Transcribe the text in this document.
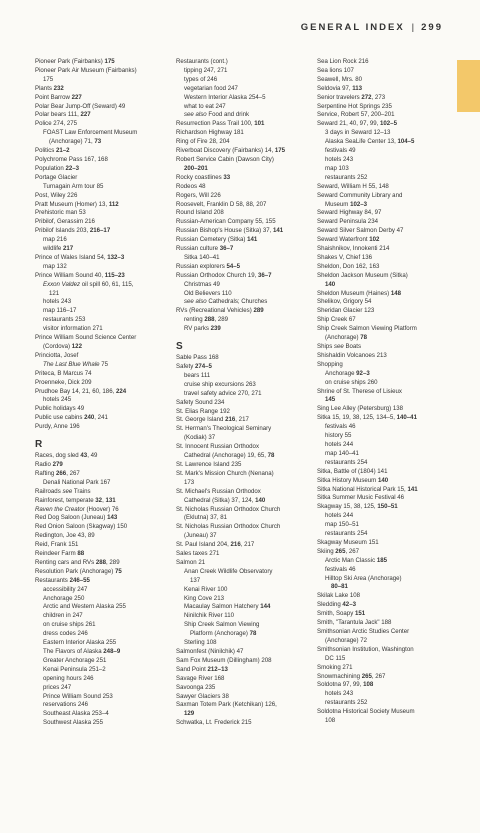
GENERAL INDEX | 299
Pioneer Park (Fairbanks) 175
Pioneer Park Air Museum (Fairbanks)
175
Plants 232
Point Barrow 227
Polar Bear Jump-Off (Seward) 49
Polar bears 111, 227
Police 274, 275
FOAST Law Enforcement Museum
(Anchorage) 71, 73
Politics 21–2
Polychrome Pass 167, 168
Population 22–3
Portage Glacier
Turnagain Arm tour 85
Post, Wiley 226
Pratt Museum (Homer) 13, 112
Prehistoric man 53
Pribilof, Gerassim 216
Pribilof Islands 203, 216–17
map 216
wildlife 217
Prince of Wales Island 54, 132–3
map 132
Prince William Sound 40, 115–23
Exxon Valdez oil spill 60, 61, 115,
121
hotels 243
map 116–17
restaurants 253
visitor information 271
Prince William Sound Science Center
(Cordova) 122
Princiotta, Josef
The Last Blue Whale 75
Priteca, B Marcus 74
Proenneke, Dick 209
Prudhoe Bay 14, 21, 60, 186, 224
hotels 245
Public holidays 49
Public use cabins 240, 241
Purdy, Anne 196
R
Races, dog sled 43, 49
Radio 279
Rafting 266, 267
Denali National Park 167
Railroads see Trains
Rainforest, temperate 32, 131
Raven the Creator (Hoover) 76
Red Dog Saloon (Juneau) 143
Red Onion Saloon (Skagway) 150
Redington, Joe 43, 89
Reid, Frank 151
Reindeer Farm 88
Renting cars and RVs 288, 289
Resolution Park (Anchorage) 75
Restaurants 246–55
accessibility 247
Anchorage 250
Arctic and Western Alaska 255
children in 247
on cruise ships 261
dress codes 246
Eastern Interior Alaska 255
The Flavors of Alaska 248–9
Greater Anchorage 251
Kenai Peninsula 251–2
opening hours 246
prices 247
Prince William Sound 253
reservations 246
Southeast Alaska 253–4
Southwest Alaska 255
Restaurants (cont.)
tipping 247, 271
types of 246
vegetarian food 247
Western Interior Alaska 254–5
what to eat 247
see also Food and drink
Resurrection Pass Trail 100, 101
Richardson Highway 181
Ring of Fire 28, 204
Riverboat Discovery (Fairbanks) 14, 175
Robert Service Cabin (Dawson City)
200–201
Rocky coastlines 33
Rodeos 48
Rogers, Will 226
Roosevelt, Franklin D 58, 88, 207
Round Island 208
Russian-American Company 55, 155
Russian Bishop's House (Sitka) 37, 141
Russian Cemetery (Sitka) 141
Russian culture 36–7
Sitka 140–41
Russian explorers 54–5
Russian Orthodox Church 19, 36–7
Christmas 49
Old Believers 110
see also Cathedrals; Churches
RVs (Recreational Vehicles) 289
renting 288, 289
RV parks 239
S
Sable Pass 168
Safety 274–5
bears 111
cruise ship excursions 263
travel safety advice 270, 271
Safety Sound 234
St. Elias Range 192
St. George Island 216, 217
St. Herman's Theological Seminary
(Kodiak) 37
St. Innocent Russian Orthodox
Cathedral (Anchorage) 19, 65, 78
St. Lawrence Island 235
St. Mark's Mission Church (Nenana)
173
St. Michael's Russian Orthodox
Cathedral (Sitka) 37, 124, 140
St. Nicholas Russian Orthodox Church
(Eklutna) 37, 81
St. Nicholas Russian Orthodox Church
(Juneau) 37
St. Paul Island 204, 216, 217
Sales taxes 271
Salmon 21
Anan Creek Wildlife Observatory
137
Kenai River 100
King Cove 213
Macaulay Salmon Hatchery 144
Ninilchik River 110
Ship Creek Salmon Viewing
Platform (Anchorage) 78
Sterling 108
Salmonfest (Ninilchik) 47
Sam Fox Museum (Dillingham) 208
Sand Point 212–13
Savage River 168
Savoonga 235
Sawyer Glaciers 38
Saxman Totem Park (Ketchikan) 126,
129
Schwatka, Lt. Frederick 215
Sea Lion Rock 216
Sea lions 107
Seawell, Mrs. 80
Seldovia 97, 113
Senior travelers 272, 273
Serpentine Hot Springs 235
Service, Robert 57, 200–201
Seward 21, 40, 97, 99, 102–5
3 days in Seward 12–13
Alaska SeaLife Center 13, 104–5
festivals 49
hotels 243
map 103
restaurants 252
Seward, William H 55, 148
Seward Community Library and
Museum 102–3
Seward Highway 84, 97
Seward Peninsula 234
Seward Silver Salmon Derby 47
Seward Waterfront 102
Shaishnikov, Innokenti 214
Shakes V, Chief 136
Sheldon, Don 162, 163
Sheldon Jackson Museum (Sitka)
140
Sheldon Museum (Haines) 148
Shelikov, Grigory 54
Sheridan Glacier 123
Ship Creek 67
Ship Creek Salmon Viewing Platform
(Anchorage) 78
Ships see Boats
Shishaldin Volcanoes 213
Shopping
Anchorage 92–3
on cruise ships 260
Shrine of St. Therese of Lisieux
145
Sing Lee Alley (Petersburg) 138
Sitka 15, 19, 38, 125, 134–5, 140–41
festivals 46
history 55
hotels 244
map 140–41
restaurants 254
Sitka, Battle of (1804) 141
Sitka History Museum 140
Sitka National Historical Park 15, 141
Sitka Summer Music Festival 46
Skagway 15, 38, 125, 150–51
hotels 244
map 150–51
restaurants 254
Skagway Museum 151
Skiing 265, 267
Arctic Man Classic 185
festivals 46
Hilltop Ski Area (Anchorage)
80–81
Skilak Lake 108
Sledding 42–3
Smith, Soapy 151
Smith, "Tarantula Jack" 188
Smithsonian Arctic Studies Center
(Anchorage) 72
Smithsonian Institution, Washington
DC 115
Smoking 271
Snowmachining 265, 267
Soldotna 97, 99, 108
hotels 243
restaurants 252
Soldotna Historical Society Museum
108
